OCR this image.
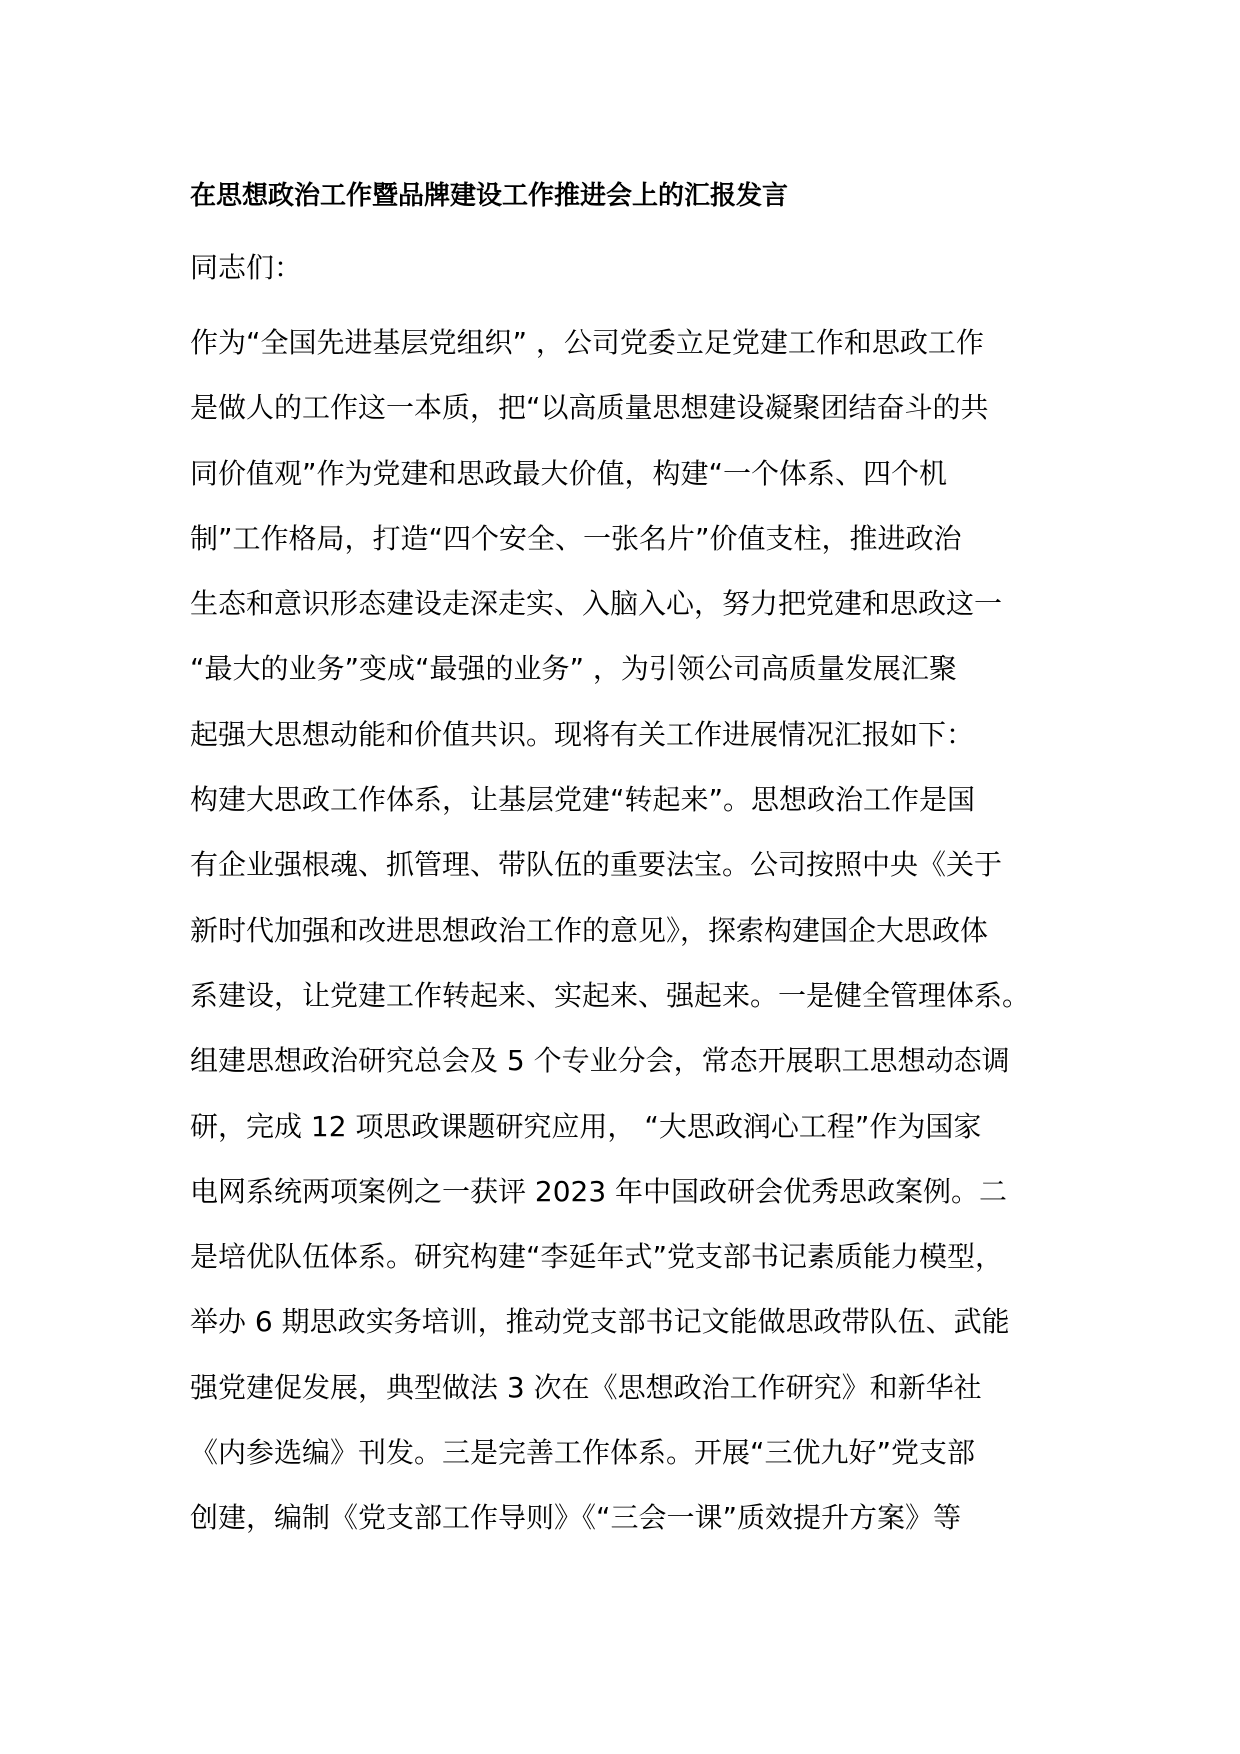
在思想政治工作暨品牌建设工作推进会上的汇报发言

同志们：

作为“全国先进基层党组织” ，公司党委立足党建工作和思政工作
是做人的工作这一本质，把“以高质量思想建设凝聚团结奋斗的共
同价值观”作为党建和思政最大价值，构建“一个体系、四个机
制”工作格局，打造“四个安全、一张名片”价值支柱，推进政治
生态和意识形态建设走深走实、入脑入心，努力把党建和思政这一
“最大的业务”变成“最强的业务” ，为引领公司高质量发展汇聚
起强大思想动能和价值共识。现将有关工作进展情况汇报如下：
构建大思政工作体系，让基层党建“转起来”。思想政治工作是国
有企业强根魂、抓管理、带队伍的重要法宝。公司按照中央《关于
新时代加强和改进思想政治工作的意见》，探索构建国企大思政体
系建设，让党建工作转起来、实起来、强起来。一是健全管理体系。
组建思想政治研究总会及 5 个专业分会，常态开展职工思想动态调
研，完成 12 项思政课题研究应用， “大思政润心工程”作为国家
电网系统两项案例之一获评 2023 年中国政研会优秀思政案例。二
是培优队伍体系。研究构建“李延年式”党支部书记素质能力模型，
举办 6 期思政实务培训，推动党支部书记文能做思政带队伍、武能
强党建促发展，典型做法 3 次在《思想政治工作研究》和新华社
《内参选编》刊发。三是完善工作体系。开展“三优九好”党支部
创建，编制《党支部工作导则》《“三会一课”质效提升方案》等
